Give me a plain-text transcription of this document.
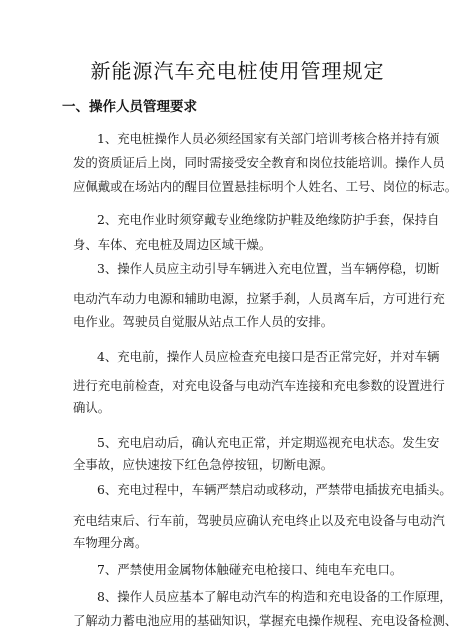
新能源汽车充电桩使用管理规定
一、操作人员管理要求
1、充电桩操作人员必须经国家有关部门培训考核合格并持有颁
发的资质证后上岗，同时需接受安全教育和岗位技能培训。操作人员
应佩戴或在场站内的醒目位置悬挂标明个人姓名、工号、岗位的标志。
2、充电作业时须穿戴专业绝缘防护鞋及绝缘防护手套，保持自
身、车体、充电桩及周边区域干燥。
3、操作人员应主动引导车辆进入充电位置，当车辆停稳，切断
电动汽车动力电源和辅助电源，拉紧手刹，人员离车后，方可进行充
电作业。驾驶员自觉服从站点工作人员的安排。
4、充电前，操作人员应检查充电接口是否正常完好，并对车辆
进行充电前检查，对充电设备与电动汽车连接和充电参数的设置进行
确认。
5、充电启动后，确认充电正常，并定期巡视充电状态。发生安
全事故，应快速按下红色急停按钮，切断电源。
6、充电过程中，车辆严禁启动或移动，严禁带电插拔充电插头。
充电结束后、行车前，驾驶员应确认充电终止以及充电设备与电动汽
车物理分离。
7、严禁使用金属物体触碰充电枪接口、纯电车充电口。
8、操作人员应基本了解电动汽车的构造和充电设备的工作原理，
了解动力蓄电池应用的基础知识，掌握充电操作规程、充电设备检测、
